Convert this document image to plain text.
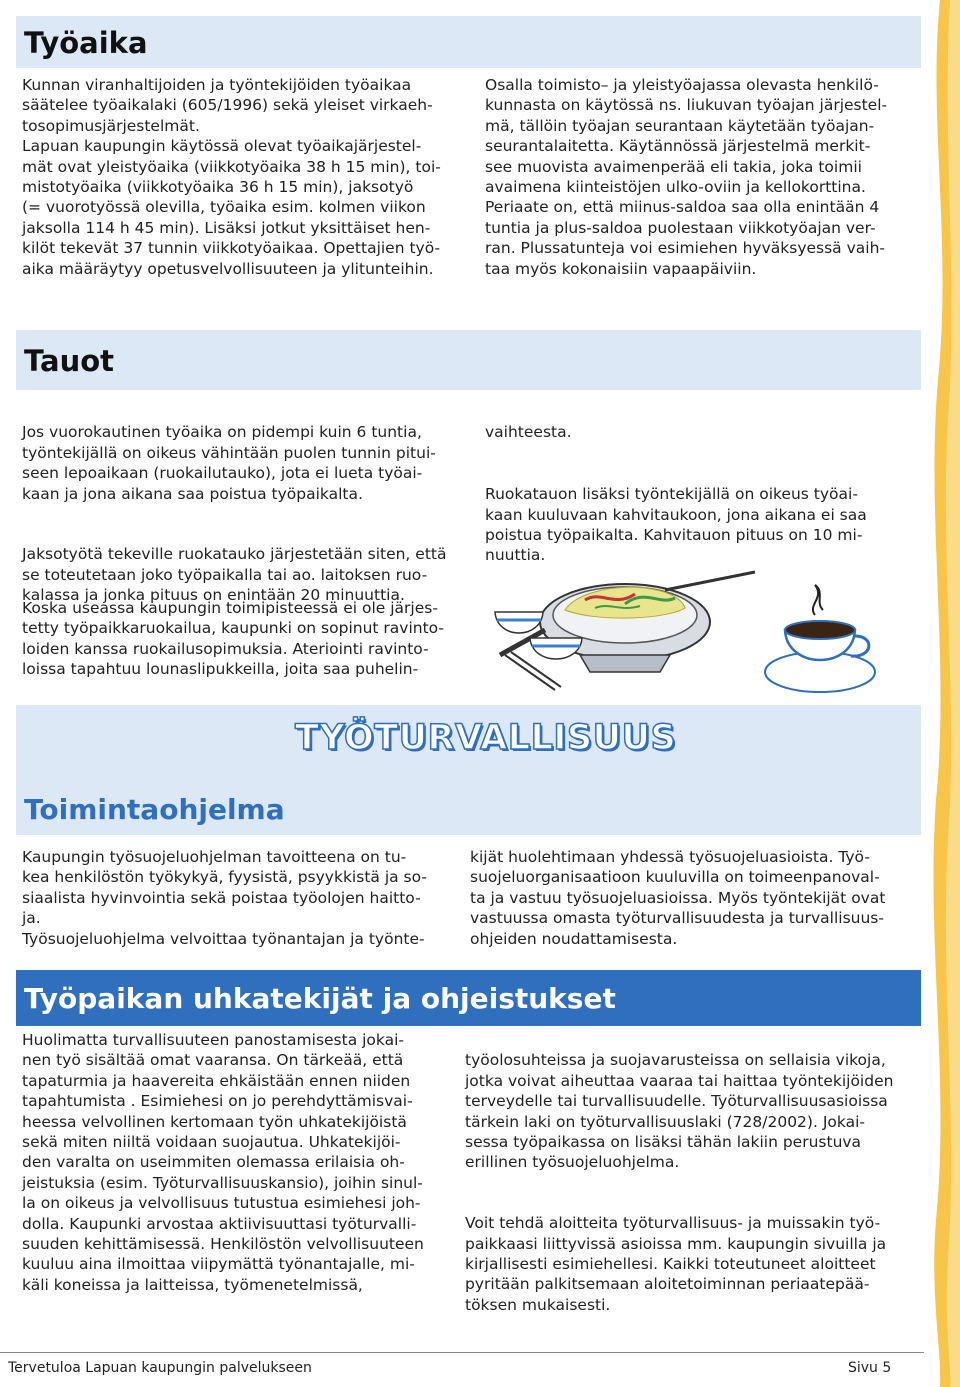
Työaika
Kunnan viranhaltijoiden ja työntekijöiden työaikaa
säätelee työaikalaki (605/1996) sekä yleiset virkaeh-
tosopimusjärjestelmät.
Lapuan kaupungin käytössä olevat työaikajärjestel-
mät ovat yleistyöaika (viikkotyöaika 38 h 15 min), toi-
mistotyöaika (viikkotyöaika 36 h 15 min), jaksotyö
(= vuorotyössä olevilla, työaika esim. kolmen viikon
jaksolla 114 h 45 min). Lisäksi jotkut yksittäiset hen-
kilöt tekevät 37 tunnin viikkotyöaikaa. Opettajien työ-
aika määräytyy opetusvelvollisuuteen ja ylitunteihin.
Osalla toimisto– ja yleistyöajassa olevasta henkilö-
kunnasta on käytössä ns. liukuvan työajan järjestel-
mä, tällöin työajan seurantaan käytetään työajan-
seurantalaitetta. Käytännössä järjestelmä merkit-
see muovista avaimenperää eli takia, joka toimii
avaimena kiinteistöjen ulko-oviin ja kellokorttina.
Periaate on, että miinus-saldoa saa olla enintään 4
tuntia ja plus-saldoa puolestaan viikkotyöajan ver-
ran. Plussatunteja voi esimiehen hyväksyessä vaih-
taa myös kokonaisiin vapaapäiviin.
Tauot

Jos vuorokautinen työaika on pidempi kuin 6 tuntia,
työntekijällä on oikeus vähintään puolen tunnin pitui-
seen lepoaikaan (ruokailutauko), jota ei lueta työai-
kaan ja jona aikana saa poistua työpaikalta.

Jaksotyötä tekeville ruokatauko järjestetään siten, että
se toteutetaan joko työpaikalla tai ao. laitoksen ruo-
kalassa ja jonka pituus on enintään 20 minuuttia.

vaihteesta.

Ruokatauon lisäksi työntekijällä on oikeus työai-
kaan kuuluvaan kahvitaukoon, jona aikana ei saa
poistua työpaikalta. Kahvitauon pituus on 10 mi-
nuuttia.

Koska useassa kaupungin toimipisteessä ei ole järjes-
tetty työpaikkaruokailua, kaupunki on sopinut ravinto-
loiden kanssa ruokailusopimuksia. Ateriointi ravinto-
loissa tapahtuu lounaslipukkeilla, joita saa puhelin-
TYÖTURVALLISUUS
Toimintaohjelma
Kaupungin työsuojeluohjelman tavoitteena on tu-
kea henkilöstön työkykyä, fyysistä, psyykkistä ja so-
siaalista hyvinvointia sekä poistaa työolojen haitto-
ja.
Työsuojeluohjelma velvoittaa työnantajan ja työnte-
kijät huolehtimaan yhdessä työsuojeluasioista. Työ-
suojeluorganisaatioon kuuluvilla on toimeenpanoval-
ta ja vastuu työsuojeluasioissa. Myös työntekijät ovat
vastuussa omasta työturvallisuudesta ja turvallisuus-
ohjeiden noudattamisesta.
Työpaikan uhkatekijät ja ohjeistukset
Huolimatta turvallisuuteen panostamisesta jokai-
nen työ sisältää omat vaaransa. On tärkeää, että
tapaturmia ja haavereita ehkäistään ennen niiden
tapahtumista . Esimiehesi on jo perehdyttämisvai-
heessa velvollinen kertomaan työn uhkatekijöistä
sekä miten niiltä voidaan suojautua. Uhkatekijöi-
den varalta on useimmiten olemassa erilaisia oh-
jeistuksia (esim. Työturvallisuuskansio), joihin sinul-
la on oikeus ja velvollisuus tutustua esimiehesi joh-
dolla. Kaupunki arvostaa aktiivisuuttasi työturvalli-
suuden kehittämisessä. Henkilöstön velvollisuuteen
kuuluu aina ilmoittaa viipymättä työnantajalle, mi-
käli koneissa ja laitteissa, työmenetelmissä,

työolosuhteissa ja suojavarusteissa on sellaisia vikoja,
jotka voivat aiheuttaa vaaraa tai haittaa työntekijöiden
terveydelle tai turvallisuudelle. Työturvallisuusasioissa
tärkein laki on työturvallisuuslaki (728/2002). Jokai-
sessa työpaikassa on lisäksi tähän lakiin perustuva
erillinen työsuojeluohjelma.

Voit tehdä aloitteita työturvallisuus- ja muissakin työ-
paikkaasi liittyvissä asioissa mm. kaupungin sivuilla ja
kirjallisesti esimiehellesi. Kaikki toteutuneet aloitteet
pyritään palkitsemaan aloitetoiminnan periaatepää-
töksen mukaisesti.

Tervetuloa Lapuan kaupungin palvelukseen	Sivu 5
